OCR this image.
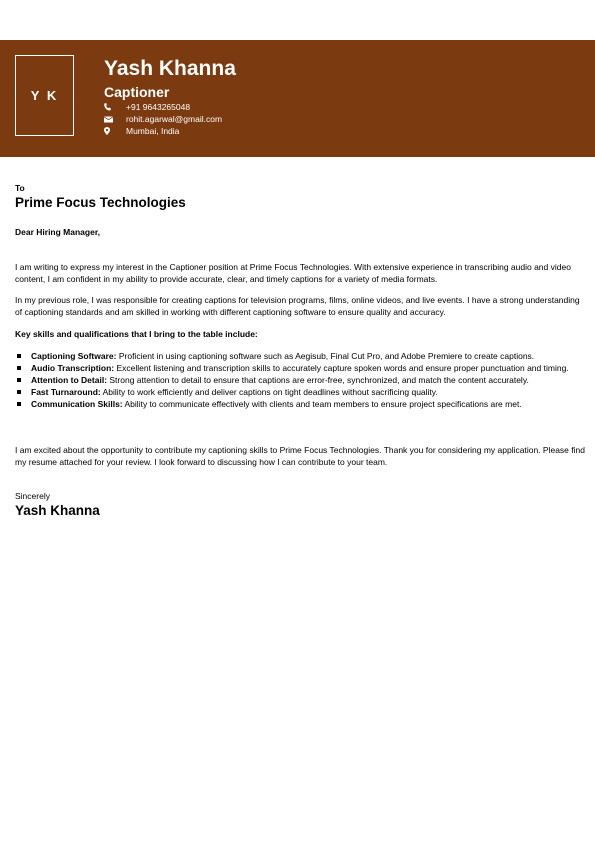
Y K
Yash Khanna
Captioner
+91 9643265048
rohit.agarwal@gmail.com
Mumbai, India
To
Prime Focus Technologies
Dear Hiring Manager,

I am writing to express my interest in the Captioner position at Prime Focus Technologies. With extensive experience in transcribing audio and video content, I am confident in my ability to provide accurate, clear, and timely captions for a variety of media formats.

In my previous role, I was responsible for creating captions for television programs, films, online videos, and live events. I have a strong understanding of captioning standards and am skilled in working with different captioning software to ensure quality and accuracy.

Key skills and qualifications that I bring to the table include:
Captioning Software: Proficient in using captioning software such as Aegisub, Final Cut Pro, and Adobe Premiere to create captions.
Audio Transcription: Excellent listening and transcription skills to accurately capture spoken words and ensure proper punctuation and timing.
Attention to Detail: Strong attention to detail to ensure that captions are error-free, synchronized, and match the content accurately.
Fast Turnaround: Ability to work efficiently and deliver captions on tight deadlines without sacrificing quality.
Communication Skills: Ability to communicate effectively with clients and team members to ensure project specifications are met.

I am excited about the opportunity to contribute my captioning skills to Prime Focus Technologies. Thank you for considering my application. Please find my resume attached for your review. I look forward to discussing how I can contribute to your team.

Sincerely
Yash Khanna
